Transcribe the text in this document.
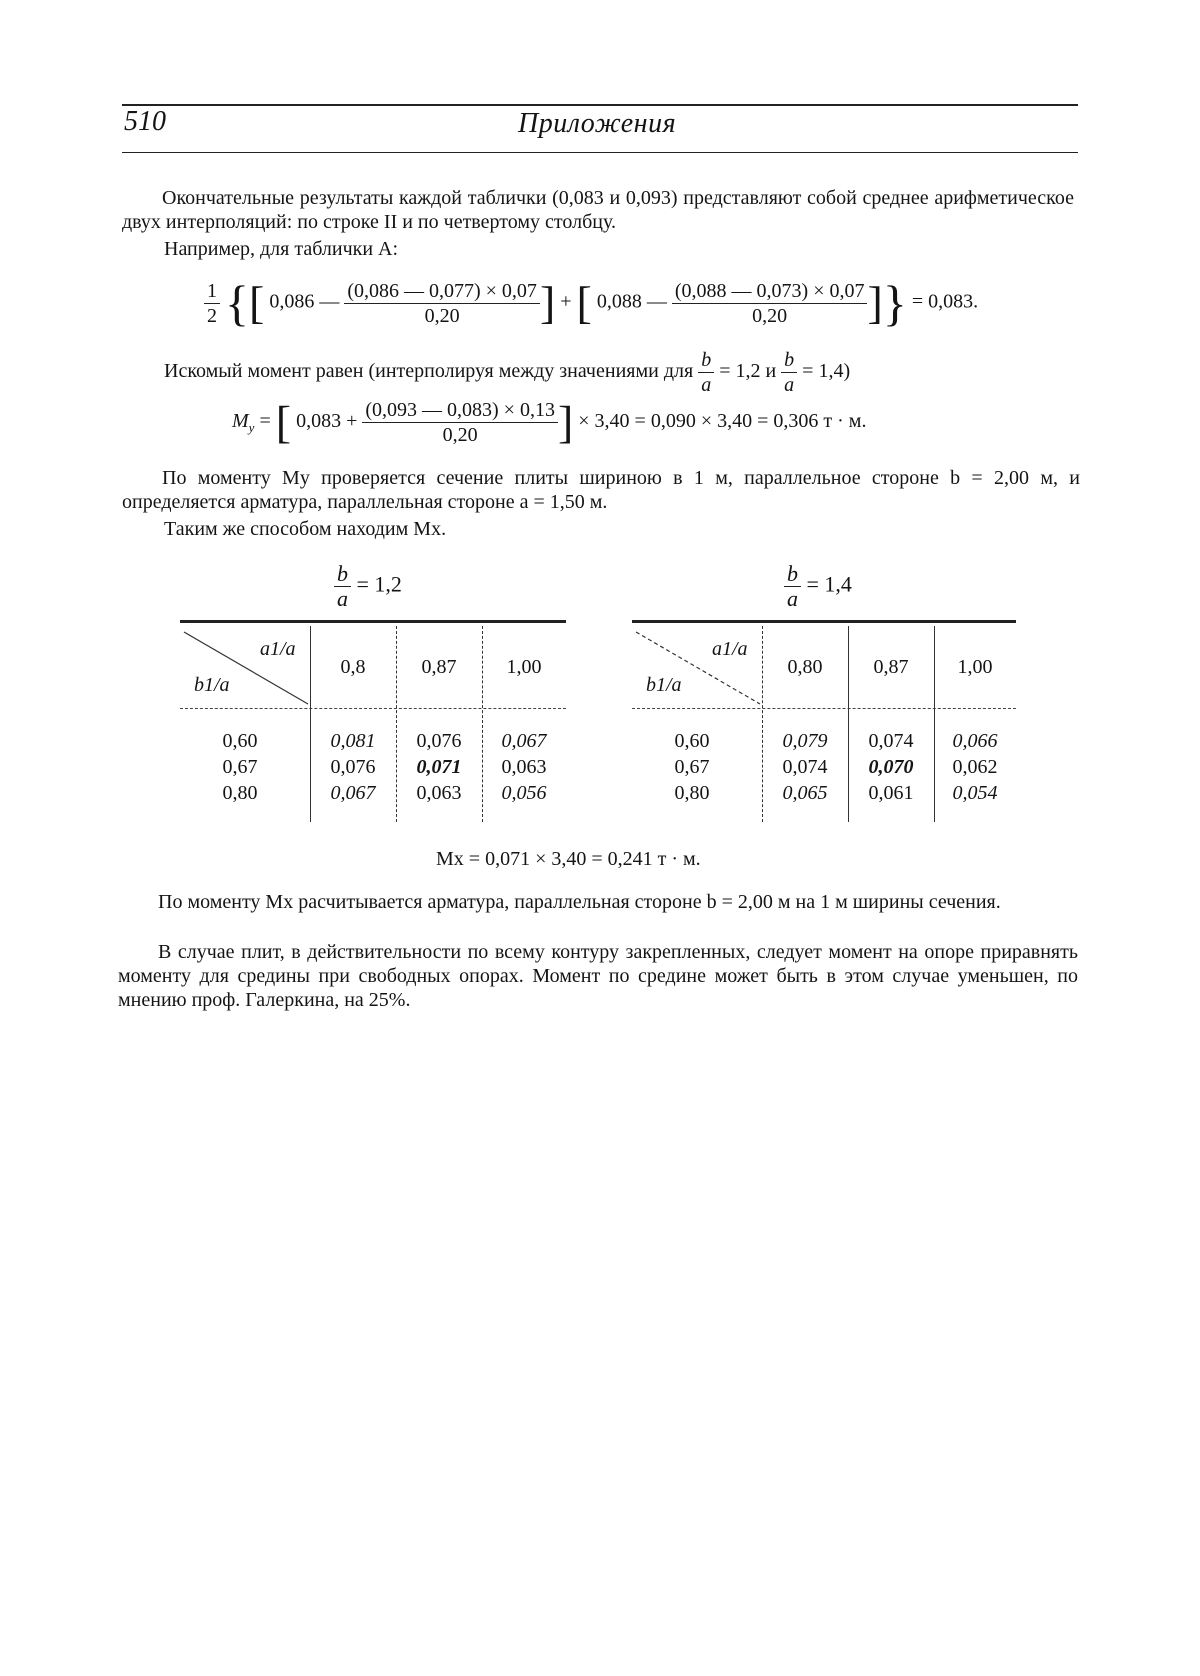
510	Приложения
Окончательные результаты каждой таблички (0,083 и 0,093) представляют собой среднее арифметическое двух интерполяций: по строке II и по четвертому столбцу.
Например, для таблички A:
$\frac{1}{2}$ {[ 0,086 — $\frac{(0,086 — 0,077) \times 0,07}{0,20}$ ] + [ 0,088 — $\frac{(0,088 — 0,073) \times 0,07}{0,20}$ ]} = 0,083.
Искомый момент равен (интерполируя между значениями для $\frac{b}{a} = 1,2$ и $\frac{b}{a} = 1,4$)
$M_y$ = [ $0,083 + \frac{(0,093 — 0,083) \times 0,13}{0,20}$ ] × 3,40 = 0,090 × 3,40 = 0,306 т · м.
По моменту My проверяется сечение плиты шириною в 1 м, параллельное стороне b = 2,00 м, и определяется арматура, параллельная стороне a = 1,50 м.
Таким же способом находим Mx.
$\frac{b}{a} = 1,2$
a1/a
b1/a
0,8	0,87	1,00
0,60	0,081	0,076	0,067
0,67	0,076	0,071	0,063
0,80	0,067	0,063	0,056
$\frac{b}{a} = 1,4$
a1/a
b1/a
0,80	0,87	1,00
0,60	0,079	0,074	0,066
0,67	0,074	0,070	0,062
0,80	0,065	0,061	0,054
Mx = 0,071 × 3,40 = 0,241 т · м.
По моменту Mx расчитывается арматура, параллельная стороне b = 2,00 м на 1 м ширины сечения.
В случае плит, в действительности по всему контуру закрепленных, следует момент на опоре приравнять моменту для средины при свободных опорах. Момент по средине может быть в этом случае уменьшен, по мнению проф. Галеркина, на 25%.
